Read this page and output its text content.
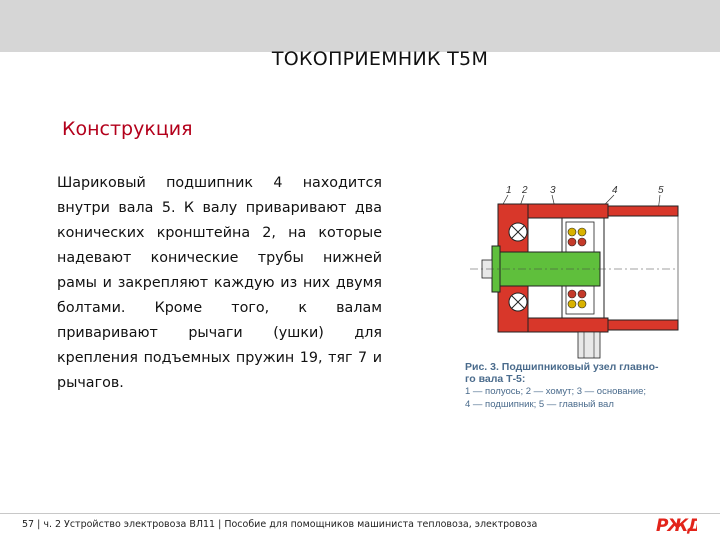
ТОКОПРИЕМНИК Т5М
Конструкция
Шариковый подшипник 4 находится внутри вала 5. К валу приваривают два конических кронштейна 2, на которые надевают конические трубы нижней рамы и закрепляют каждую из них двумя болтами. Кроме того, к валам приваривают рычаги (ушки) для крепления подъемных пружин 19, тяг 7 и рычагов.
1 2 3	4	5
Рис. 3. Подшипниковый узел главно-
го вала Т-5:
1 — полуось; 2 — хомут; 3 — основание;
4 — подшипник; 5 — главный вал
57 | ч. 2 Устройство электровоза ВЛ11 | Пособие для помощников машиниста тепловоза, электровоза	РЖД
